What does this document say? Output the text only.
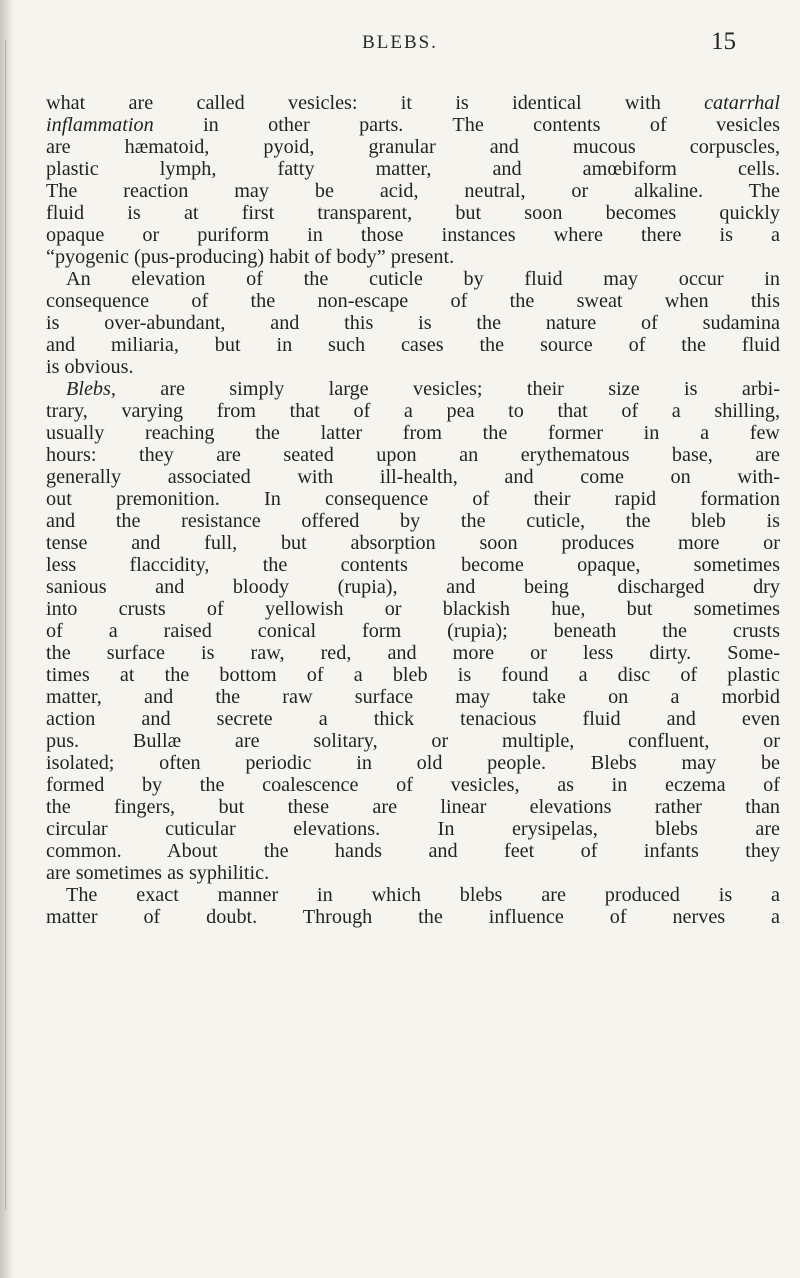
BLEBS.	15
what are called vesicles: it is identical with catarrhal
inflammation in other parts. The contents of vesicles
are hæmatoid, pyoid, granular and mucous corpuscles,
plastic lymph, fatty matter, and amœbiform cells.
The reaction may be acid, neutral, or alkaline. The
fluid is at first transparent, but soon becomes quickly
opaque or puriform in those instances where there is a
“pyogenic (pus-producing) habit of body” present.
An elevation of the cuticle by fluid may occur in
consequence of the non-escape of the sweat when this
is over-abundant, and this is the nature of sudamina
and miliaria, but in such cases the source of the fluid
is obvious.
Blebs, are simply large vesicles; their size is arbi-
trary, varying from that of a pea to that of a shilling,
usually reaching the latter from the former in a few
hours: they are seated upon an erythematous base, are
generally associated with ill-health, and come on with-
out premonition. In consequence of their rapid formation
and the resistance offered by the cuticle, the bleb is
tense and full, but absorption soon produces more or
less flaccidity, the contents become opaque, sometimes
sanious and bloody (rupia), and being discharged dry
into crusts of yellowish or blackish hue, but sometimes
of a raised conical form (rupia); beneath the crusts
the surface is raw, red, and more or less dirty. Some-
times at the bottom of a bleb is found a disc of plastic
matter, and the raw surface may take on a morbid
action and secrete a thick tenacious fluid and even
pus. Bullæ are solitary, or multiple, confluent, or
isolated; often periodic in old people. Blebs may be
formed by the coalescence of vesicles, as in eczema of
the fingers, but these are linear elevations rather than
circular cuticular elevations. In erysipelas, blebs are
common. About the hands and feet of infants they
are sometimes as syphilitic.
The exact manner in which blebs are produced is a
matter of doubt. Through the influence of nerves a
